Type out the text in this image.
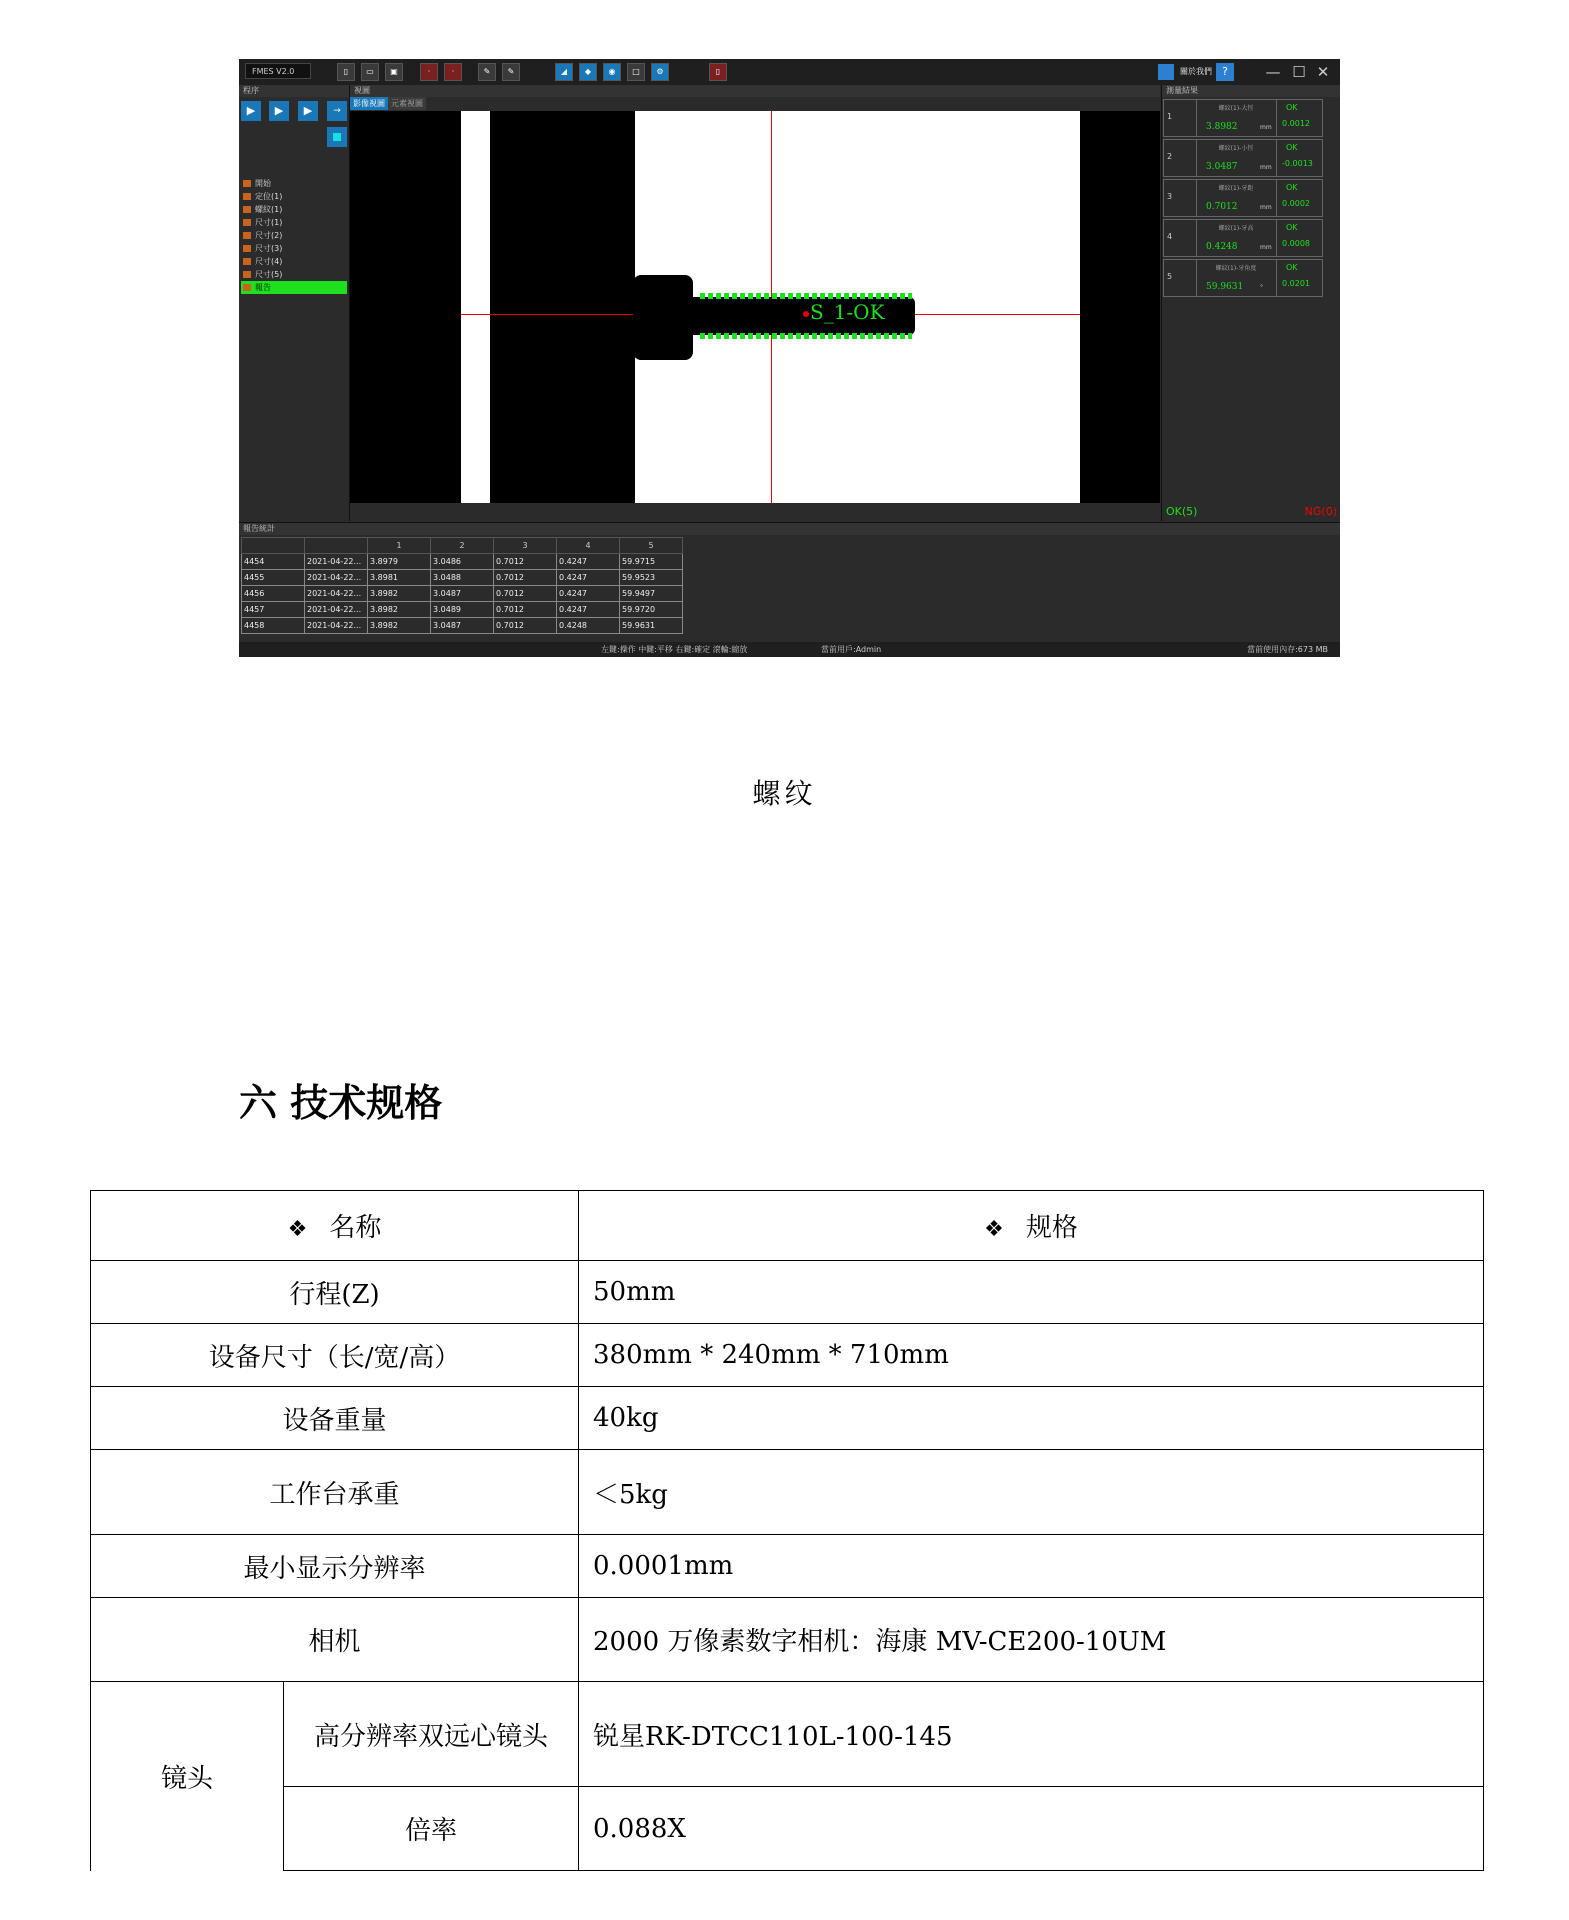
FMES V2.0	▯	▭	▣	·	·	✎	✎	◢	◆	◉	□	⚙	▯	關於我們 ?	— ☐ ✕
程序
▶	▶	▶	→
開始
定位(1)
螺紋(1)
尺寸(1)
尺寸(2)
尺寸(3)
尺寸(4)
尺寸(5)
報告
視圖
影像視圖 元素視圖
S_1-OK
測量結果
1
螺紋(1)-大徑
3.8982	mm
OK
0.0012
2
螺紋(1)-小徑
3.0487	mm
OK
-0.0013
3
螺紋(1)-牙距
0.7012	mm
OK
0.0002
4
螺紋(1)-牙高
0.4248	mm
OK
0.0008
5
螺紋(1)-牙角度
59.9631	°
OK
0.0201
OK(5)	NG(0)
報告統計
		1	2	3	4	5
4454	2021-04-22...	3.8979	3.0486	0.7012	0.4247	59.9715
4455	2021-04-22...	3.8981	3.0488	0.7012	0.4247	59.9523
4456	2021-04-22...	3.8982	3.0487	0.7012	0.4247	59.9497
4457	2021-04-22...	3.8982	3.0489	0.7012	0.4247	59.9720
4458	2021-04-22...	3.8982	3.0487	0.7012	0.4248	59.9631
左鍵:操作 中鍵:平移 右鍵:確定 滾輪:縮放	當前用戶:Admin	當前使用內存:673 MB
螺纹
六 技术规格
❖ 名称		❖ 规格
行程(Z)		50mm
设备尺寸（长/宽/高）		380mm * 240mm * 710mm
设备重量		40kg
工作台承重		＜5kg
最小显示分辨率		0.0001mm
相机		2000 万像素数字相机：海康 MV-CE200-10UM
镜头	高分辨率双远心镜头	锐星RK-DTCC110L-100-145
	倍率	0.088X
